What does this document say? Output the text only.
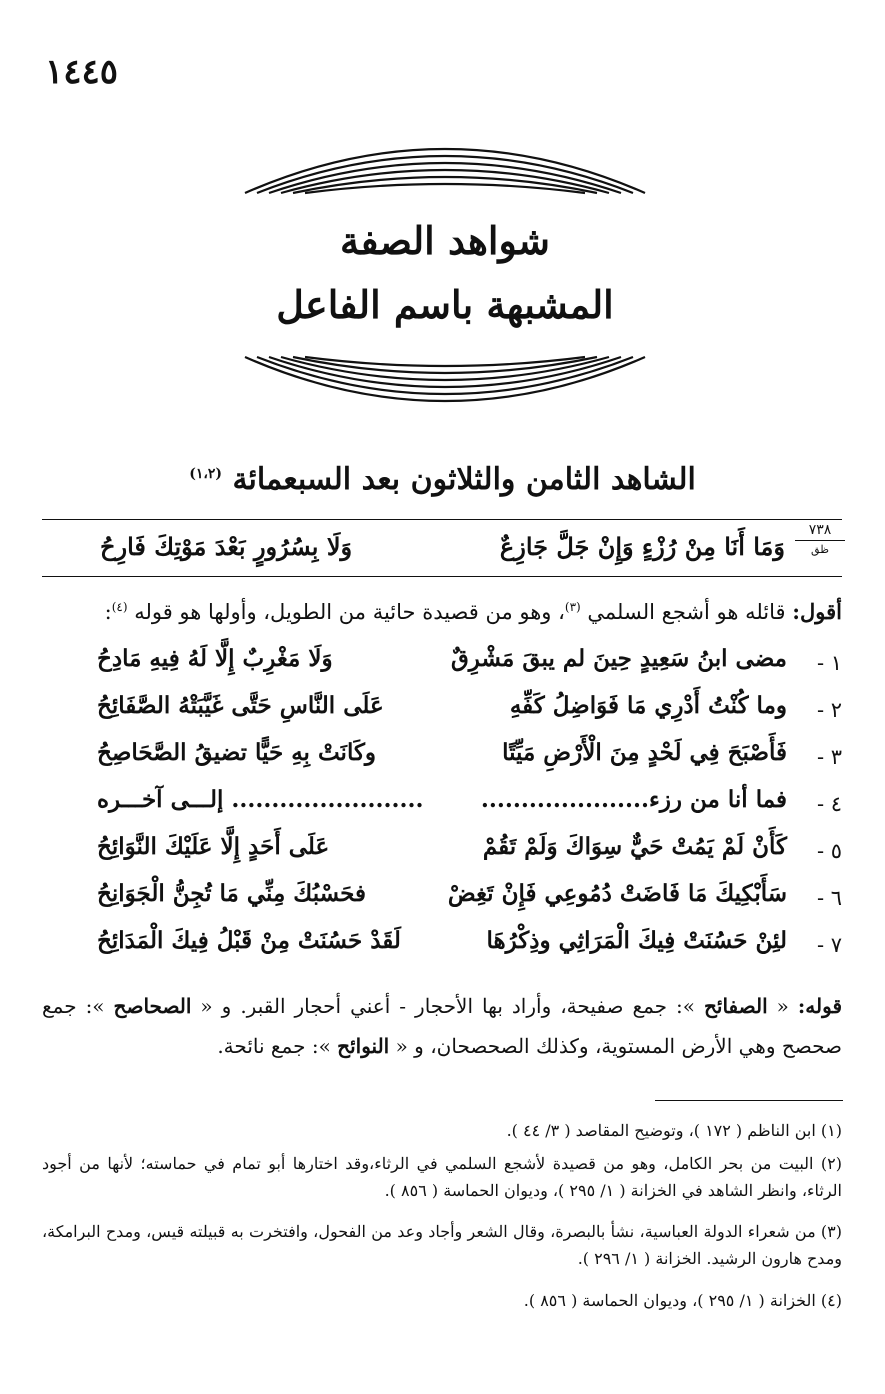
١٤٤٥
شواهد الصفة
المشبهة باسم الفاعل
الشاهد الثامن والثلاثون بعد السبعمائة $^{(١،٢)}$
٧٣٨
ظق
وَمَا أَنَا مِنْ رُزْءٍ وَإِنْ جَلَّ جَازِعٌ
وَلَا بِسُرُورٍ بَعْدَ مَوْتِكَ فَارِحُ
أقول: قائله هو أشجع السلمي $^{(٣)}$، وهو من قصيدة حائية من الطويل، وأولها هو قوله $^{(٤)}$:
١ -
مضى ابنُ سَعِيدٍ حِينَ لم يبقَ مَشْرِقٌ
وَلَا مَغْرِبٌ إِلَّا لَهُ فِيهِ مَادِحُ
٢ -
وما كُنْتُ أَدْرِي مَا فَوَاضِلُ كَفِّهِ
عَلَى النَّاسِ حَتَّى غَيَّبَتْهُ الصَّفَائِحُ
٣ -
فَأَصْبَحَ فِي لَحْدٍ مِنَ الْأَرْضِ مَيِّتًا
وكَانَتْ بِهِ حَيًّا تضيقُ الصَّحَاصِحُ
٤ -
فما أنا من رزء.....................
........................ إلـــى آخـــره
٥ -
كَأَنْ لَمْ يَمُتْ حَيٌّ سِوَاكَ وَلَمْ تَقُمْ
عَلَى أَحَدٍ إِلَّا عَلَيْكَ النَّوَائِحُ
٦ -
سَأَبْكِيكَ مَا فَاضَتْ دُمُوعِي فَإِنْ تَغِضْ
فحَسْبُكَ مِنِّي مَا تُجِنُّ الْجَوَانِحُ
٧ -
لئِنْ حَسُنَتْ فِيكَ الْمَرَاثِي وذِكْرُهَا
لَقَدْ حَسُنَتْ مِنْ قَبْلُ فِيكَ الْمَدَائِحُ
قوله: « الصفائح »: جمع صفيحة، وأراد بها الأحجار - أعني أحجار القبر. و « الصحاصح »: جمع صحصح وهي الأرض المستوية، وكذلك الصحصحان، و « النوائح »: جمع نائحة.
(١) ابن الناظم ( ١٧٢ )، وتوضيح المقاصد ( ٣/ ٤٤ ).
(٢) البيت من بحر الكامل، وهو من قصيدة لأشجع السلمي في الرثاء،وقد اختارها أبو تمام في حماسته؛ لأنها من أجود الرثاء، وانظر الشاهد في الخزانة ( ١/ ٢٩٥ )، وديوان الحماسة ( ٨٥٦ ).
(٣) من شعراء الدولة العباسية، نشأ بالبصرة، وقال الشعر وأجاد وعد من الفحول، وافتخرت به قبيلته قيس، ومدح البرامكة، ومدح هارون الرشيد. الخزانة ( ١/ ٢٩٦ ).
(٤) الخزانة ( ١/ ٢٩٥ )، وديوان الحماسة ( ٨٥٦ ).
